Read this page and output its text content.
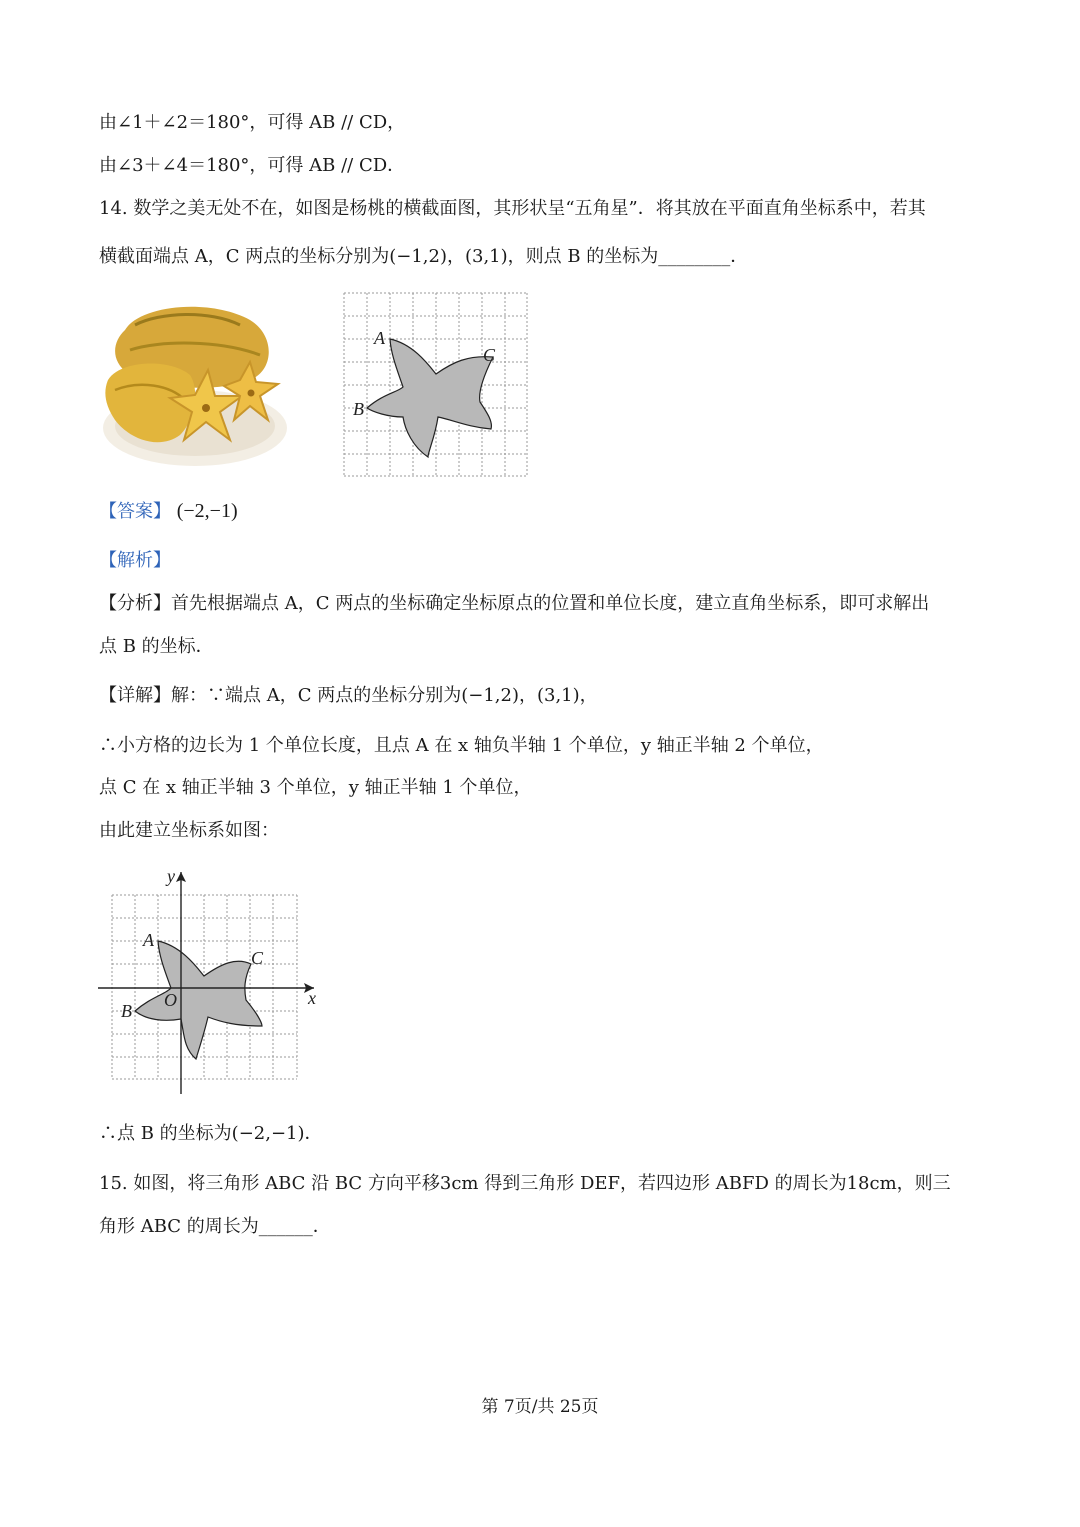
由∠1＋∠2＝180°，可得 AB // CD，
由∠3＋∠4＝180°，可得 AB // CD．
14. 数学之美无处不在，如图是杨桃的横截面图，其形状呈“五角星”．将其放在平面直角坐标系中，若其
横截面端点 A，C 两点的坐标分别为(−1,2)，(3,1)，则点 B 的坐标为________．
A
C
B
【答案】 (−2,−1)
【解析】
【分析】首先根据端点 A，C 两点的坐标确定坐标原点的位置和单位长度，建立直角坐标系，即可求解出
点 B 的坐标．
【详解】解：∵端点 A，C 两点的坐标分别为(−1,2)，(3,1)，
∴小方格的边长为 1 个单位长度，且点 A 在 x 轴负半轴 1 个单位，y 轴正半轴 2 个单位，
点 C 在 x 轴正半轴 3 个单位，y 轴正半轴 1 个单位，
由此建立坐标系如图：
x
y
O
A
C
B
∴点 B 的坐标为(−2,−1)．
15. 如图，将三角形 ABC 沿 BC 方向平移3cm 得到三角形 DEF，若四边形 ABFD 的周长为18cm，则三
角形 ABC 的周长为______．
第 7页/共 25页
